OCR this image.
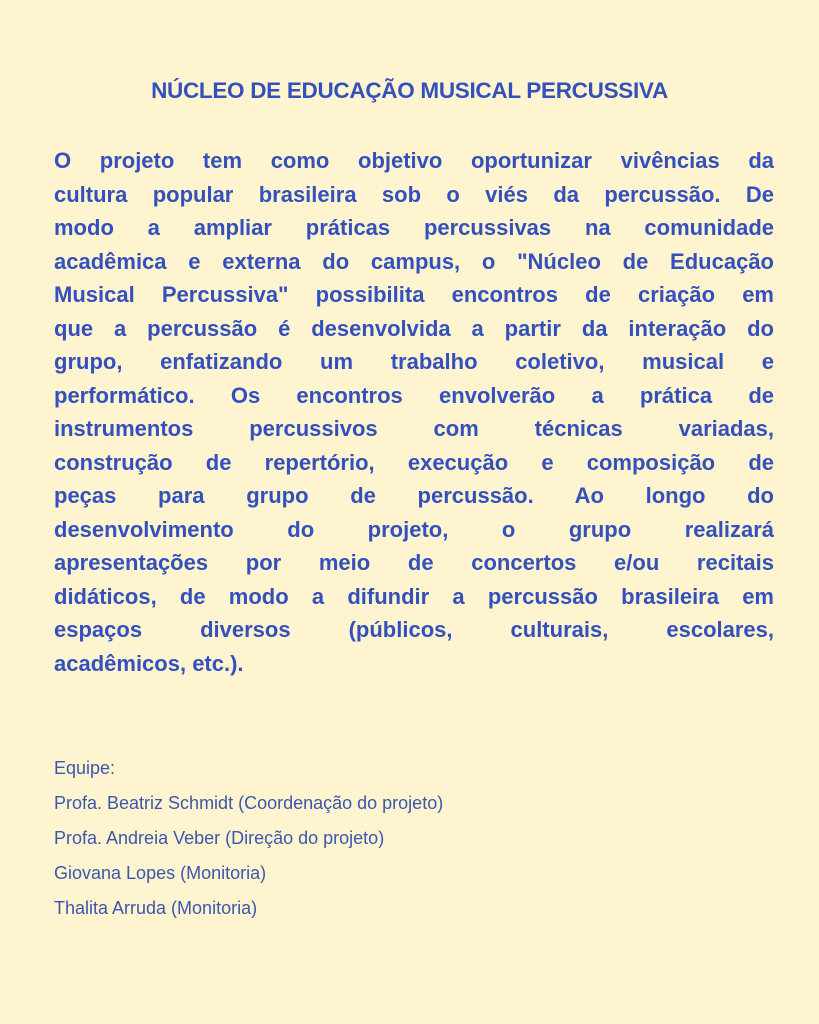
NÚCLEO DE EDUCAÇÃO MUSICAL PERCUSSIVA
O projeto tem como objetivo oportunizar vivências da
cultura popular brasileira sob o viés da percussão. De
modo a ampliar práticas percussivas na comunidade
acadêmica e externa do campus, o "Núcleo de Educação
Musical Percussiva" possibilita encontros de criação em
que a percussão é desenvolvida a partir da interação do
grupo, enfatizando um trabalho coletivo, musical e
performático. Os encontros envolverão a prática de
instrumentos percussivos com técnicas variadas,
construção de repertório, execução e composição de
peças para grupo de percussão. Ao longo do
desenvolvimento do projeto, o grupo realizará
apresentações por meio de concertos e/ou recitais
didáticos, de modo a difundir a percussão brasileira em
espaços diversos (públicos, culturais, escolares,
acadêmicos, etc.).
Equipe:
Profa. Beatriz Schmidt (Coordenação do projeto)
Profa. Andreia Veber (Direção do projeto)
Giovana Lopes (Monitoria)
Thalita Arruda (Monitoria)
